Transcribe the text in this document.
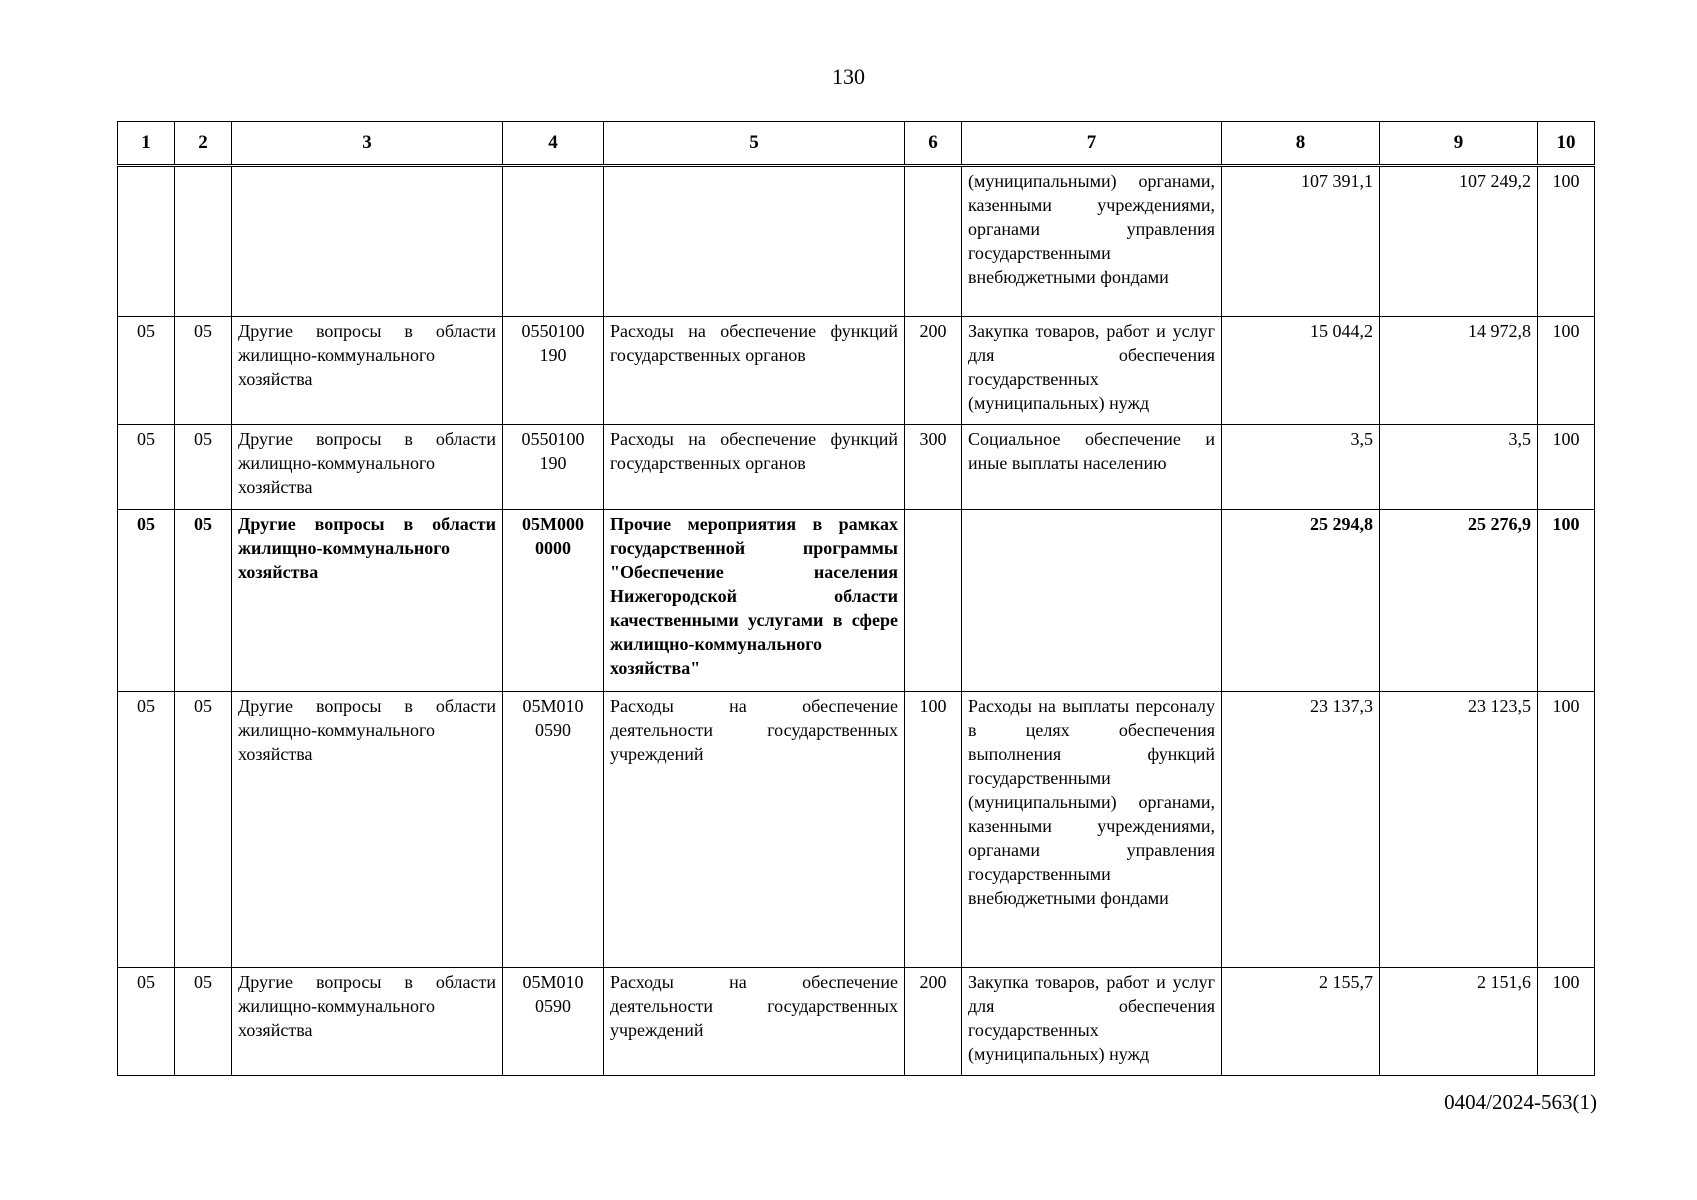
130
1	2	3	4	5	6	7	8	9	10
						(муниципальными) органами, казенными учреждениями, органами управления государственными внебюджетными фондами	107 391,1	107 249,2	100
05	05	Другие вопросы в области жилищно-коммунального хозяйства	0550100 190	Расходы на обеспечение функций государственных органов	200	Закупка товаров, работ и услуг для обеспечения государственных (муниципальных) нужд	15 044,2	14 972,8	100
05	05	Другие вопросы в области жилищно-коммунального хозяйства	0550100 190	Расходы на обеспечение функций государственных органов	300	Социальное обеспечение и иные выплаты населению	3,5	3,5	100
05	05	Другие вопросы в области жилищно-коммунального хозяйства	05М000 0000	Прочие мероприятия в рамках государственной программы "Обеспечение населения Нижегородской области качественными услугами в сфере жилищно-коммунального хозяйства"			25 294,8	25 276,9	100
05	05	Другие вопросы в области жилищно-коммунального хозяйства	05М010 0590	Расходы на обеспечение деятельности государственных учреждений	100	Расходы на выплаты персоналу в целях обеспечения выполнения функций государственными (муниципальными) органами, казенными учреждениями, органами управления государственными внебюджетными фондами	23 137,3	23 123,5	100
05	05	Другие вопросы в области жилищно-коммунального хозяйства	05М010 0590	Расходы на обеспечение деятельности государственных учреждений	200	Закупка товаров, работ и услуг для обеспечения государственных (муниципальных) нужд	2 155,7	2 151,6	100
0404/2024-563(1)
